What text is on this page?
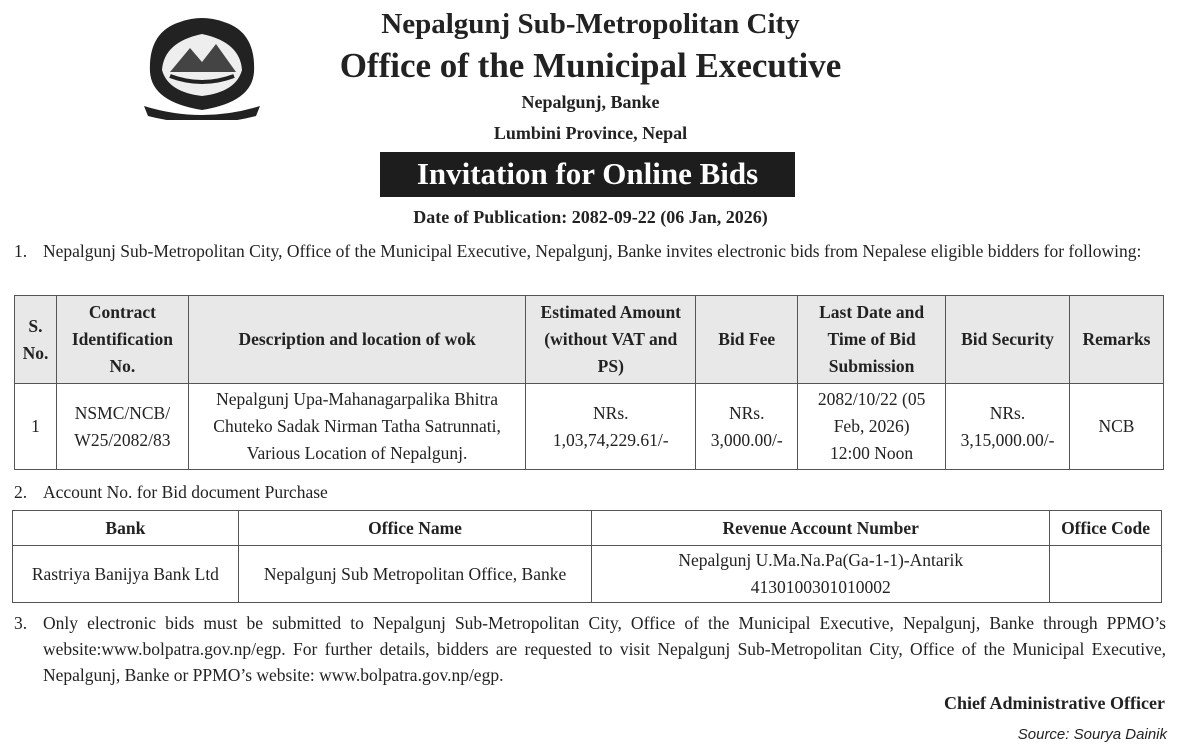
Nepalgunj Sub-Metropolitan City
Office of the Municipal Executive
Nepalgunj, Banke
Lumbini Province, Nepal
Invitation for Online Bids
Date of Publication: 2082-09-22 (06 Jan, 2026)
1. Nepalgunj Sub-Metropolitan City, Office of the Municipal Executive, Nepalgunj, Banke invites electronic bids from Nepalese eligible bidders for following:
S. No.	Contract Identification No.	Description and location of wok	Estimated Amount (without VAT and PS)	Bid Fee	Last Date and Time of Bid Submission	Bid Security	Remarks
1	NSMC/NCB/ W25/2082/83	Nepalgunj Upa-Mahanagarpalika Bhitra Chuteko Sadak Nirman Tatha Satrunnati, Various Location of Nepalgunj.	NRs. 1,03,74,229.61/-	NRs. 3,000.00/-	2082/10/22 (05 Feb, 2026) 12:00 Noon	NRs. 3,15,000.00/-	NCB
2. Account No. for Bid document Purchase
Bank	Office Name	Revenue Account Number	Office Code
Rastriya Banijya Bank Ltd	Nepalgunj Sub Metropolitan Office, Banke	Nepalgunj U.Ma.Na.Pa(Ga-1-1)-Antarik 4130100301010002	
3. Only electronic bids must be submitted to Nepalgunj Sub-Metropolitan City, Office of the Municipal Executive, Nepalgunj, Banke through PPMO’s website:www.bolpatra.gov.np/egp. For further details, bidders are requested to visit Nepalgunj Sub-Metropolitan City, Office of the Municipal Executive, Nepalgunj, Banke or PPMO’s website: www.bolpatra.gov.np/egp.
Chief Administrative Officer
Source: Sourya Dainik
